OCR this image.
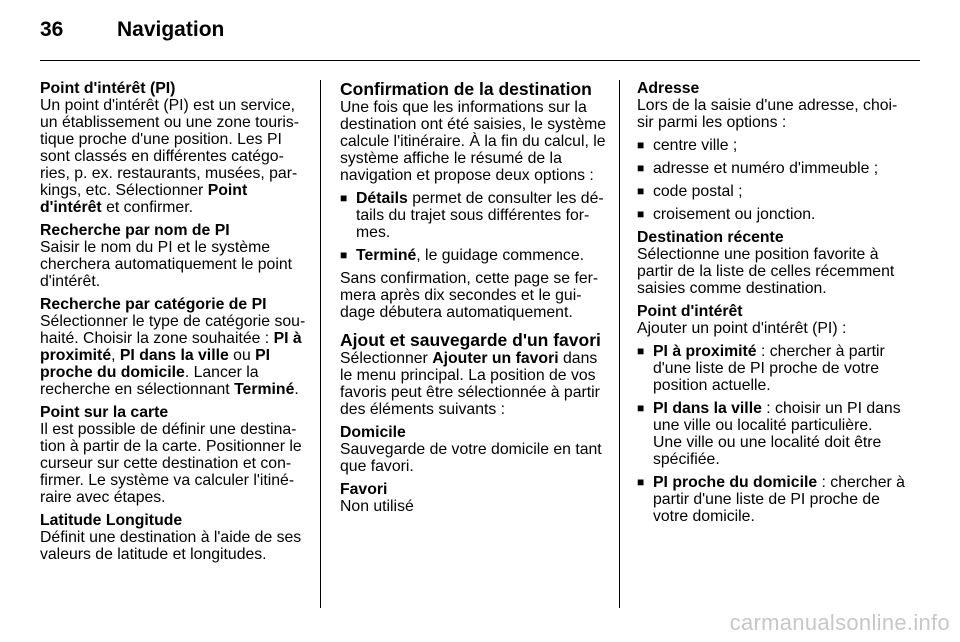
36	Navigation
Point d'intérêt (PI)
Un point d'intérêt (PI) est un service, un établissement ou une zone touristique proche d'une position. Les PI sont classés en différentes catégories, p. ex. restaurants, musées, parkings, etc. Sélectionner Point d'intérêt et confirmer.
Recherche par nom de PI
Saisir le nom du PI et le système cherchera automatiquement le point d'intérêt.
Recherche par catégorie de PI
Sélectionner le type de catégorie souhaité. Choisir la zone souhaitée : PI à proximité, PI dans la ville ou PI proche du domicile. Lancer la recherche en sélectionnant Terminé.
Point sur la carte
Il est possible de définir une destination à partir de la carte. Positionner le curseur sur cette destination et confirmer. Le système va calculer l'itinéraire avec étapes.
Latitude Longitude
Définit une destination à l'aide de ses valeurs de latitude et longitudes.
Confirmation de la destination
Une fois que les informations sur la destination ont été saisies, le système calcule l'itinéraire. À la fin du calcul, le système affiche le résumé de la navigation et propose deux options :
■ Détails permet de consulter les détails du trajet sous différentes formes.
■ Terminé, le guidage commence.
Sans confirmation, cette page se fermera après dix secondes et le guidage débutera automatiquement.
Ajout et sauvegarde d'un favori
Sélectionner Ajouter un favori dans le menu principal. La position de vos favoris peut être sélectionnée à partir des éléments suivants :
Domicile
Sauvegarde de votre domicile en tant que favori.
Favori
Non utilisé
Adresse
Lors de la saisie d'une adresse, choisir parmi les options :
■ centre ville ;
■ adresse et numéro d'immeuble ;
■ code postal ;
■ croisement ou jonction.
Destination récente
Sélectionne une position favorite à partir de la liste de celles récemment saisies comme destination.
Point d'intérêt
Ajouter un point d'intérêt (PI) :
■ PI à proximité : chercher à partir d'une liste de PI proche de votre position actuelle.
■ PI dans la ville : choisir un PI dans une ville ou localité particulière. Une ville ou une localité doit être spécifiée.
■ PI proche du domicile : chercher à partir d'une liste de PI proche de votre domicile.
carmanualsonline.info
